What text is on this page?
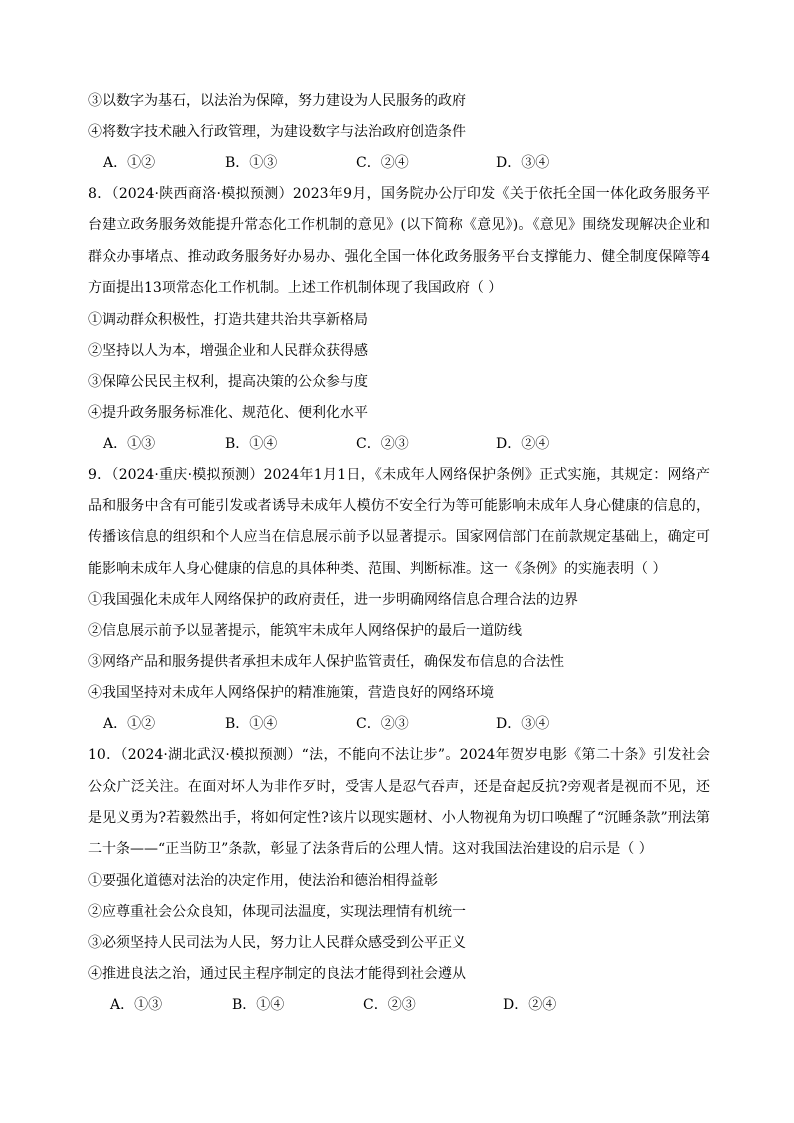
③以数字为基石，以法治为保障，努力建设为人民服务的政府
④将数字技术融入行政管理，为建设数字与法治政府创造条件
A．①②	B．①③	C．②④	D．③④
8．（2024·陕西商洛·模拟预测）2023年9月，国务院办公厅印发《关于依托全国一体化政务服务平台建立政务服务效能提升常态化工作机制的意见》(以下简称《意见》)。《意见》围绕发现解决企业和群众办事堵点、推动政务服务好办易办、强化全国一体化政务服务平台支撑能力、健全制度保障等4方面提出13项常态化工作机制。上述工作机制体现了我国政府（ ）
①调动群众积极性，打造共建共治共享新格局
②坚持以人为本，增强企业和人民群众获得感
③保障公民民主权利，提高决策的公众参与度
④提升政务服务标准化、规范化、便利化水平
A．①③	B．①④	C．②③	D．②④
9．（2024·重庆·模拟预测）2024年1月1日，《未成年人网络保护条例》正式实施，其规定：网络产品和服务中含有可能引发或者诱导未成年人模仿不安全行为等可能影响未成年人身心健康的信息的，传播该信息的组织和个人应当在信息展示前予以显著提示。国家网信部门在前款规定基础上，确定可能影响未成年人身心健康的信息的具体种类、范围、判断标准。这一《条例》的实施表明（ ）
①我国强化未成年人网络保护的政府责任，进一步明确网络信息合理合法的边界
②信息展示前予以显著提示，能筑牢未成年人网络保护的最后一道防线
③网络产品和服务提供者承担未成年人保护监管责任，确保发布信息的合法性
④我国坚持对未成年人网络保护的精准施策，营造良好的网络环境
A．①②	B．①④	C．②③	D．③④
10．（2024·湖北武汉·模拟预测）“法，不能向不法让步”。2024年贺岁电影《第二十条》引发社会公众广泛关注。在面对坏人为非作歹时，受害人是忍气吞声，还是奋起反抗?旁观者是视而不见，还是见义勇为?若毅然出手，将如何定性?该片以现实题材、小人物视角为切口唤醒了“沉睡条款”刑法第二十条——“正当防卫”条款，彰显了法条背后的公理人情。这对我国法治建设的启示是（ ）
①要强化道德对法治的决定作用，使法治和德治相得益彰
②应尊重社会公众良知，体现司法温度，实现法理情有机统一
③必须坚持人民司法为人民，努力让人民群众感受到公平正义
④推进良法之治，通过民主程序制定的良法才能得到社会遵从
A．①③	B．①④	C．②③	D．②④
